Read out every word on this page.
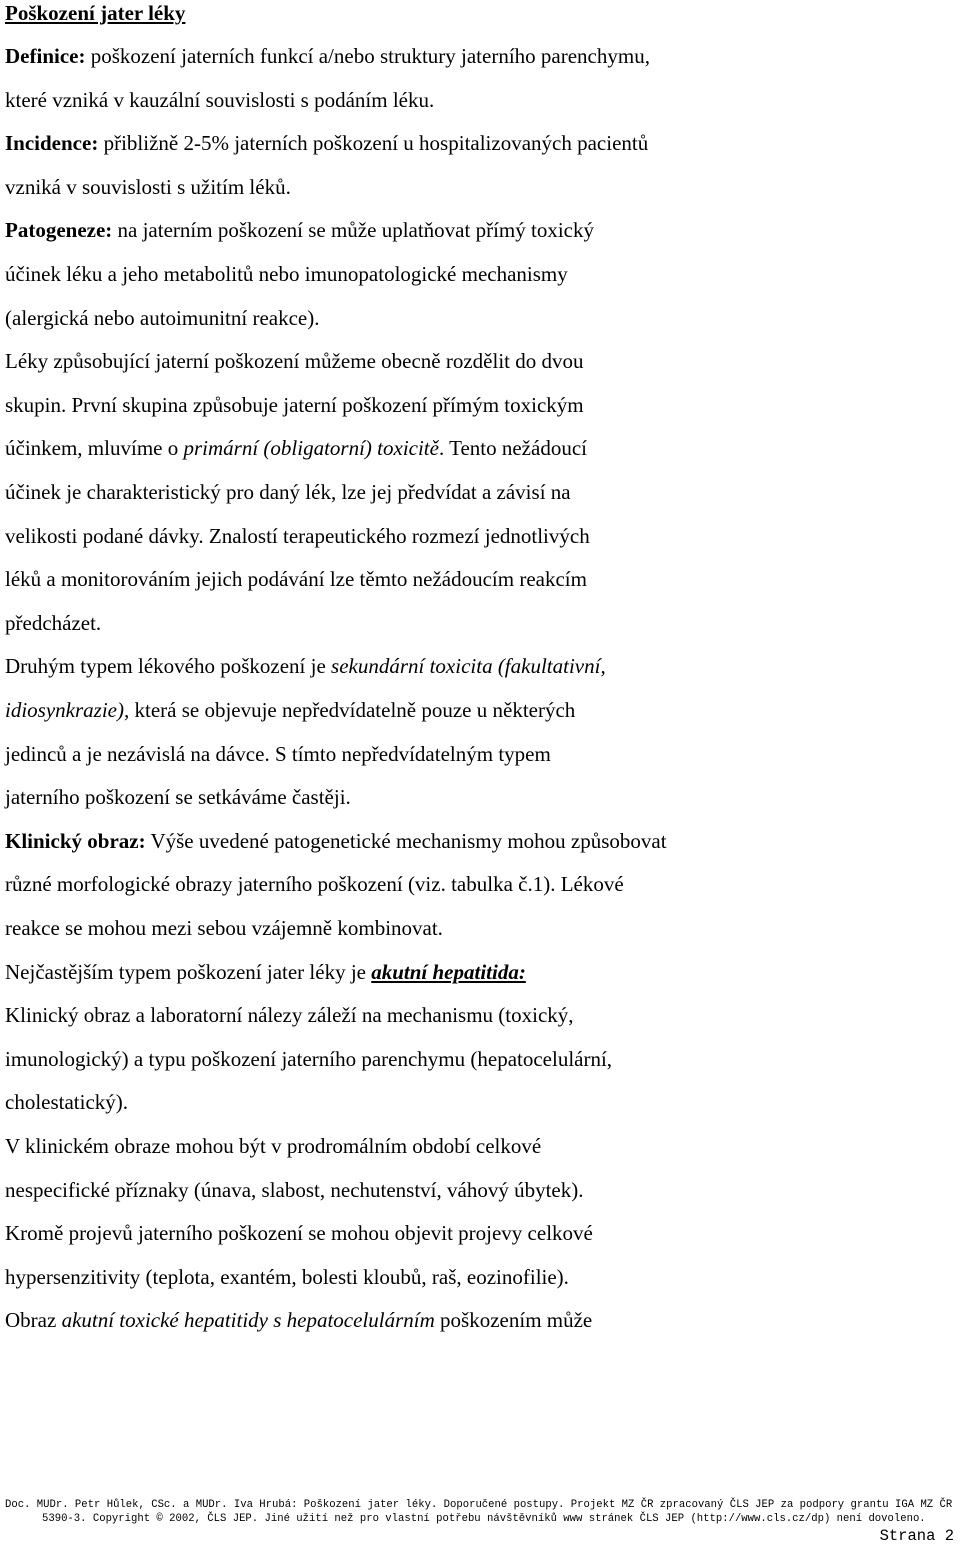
Poškození jater léky
Definice: poškození jaterních funkcí a/nebo struktury jaterního parenchymu,
které vzniká v kauzální souvislosti s podáním léku.
Incidence: přibližně 2-5% jaterních poškození u hospitalizovaných pacientů
vzniká v souvislosti s užitím léků.
Patogeneze: na jaterním poškození se může uplatňovat přímý toxický
účinek léku a jeho metabolitů nebo imunopatologické mechanismy
(alergická nebo autoimunitní reakce).
Léky způsobující jaterní poškození můžeme obecně rozdělit do dvou
skupin. První skupina způsobuje jaterní poškození přímým toxickým
účinkem, mluvíme o primární (obligatorní) toxicitě. Tento nežádoucí
účinek je charakteristický pro daný lék, lze jej předvídat a závisí na
velikosti podané dávky. Znalostí terapeutického rozmezí jednotlivých
léků a monitorováním jejich podávání lze těmto nežádoucím reakcím
předcházet.
Druhým typem lékového poškození je sekundární toxicita (fakultativní,
idiosynkrazie), která se objevuje nepředvídatelně pouze u některých
jedinců a je nezávislá na dávce. S tímto nepředvídatelným typem
jaterního poškození se setkáváme častěji.
Klinický obraz: Výše uvedené patogenetické mechanismy mohou způsobovat
různé morfologické obrazy jaterního poškození (viz. tabulka č.1). Lékové
reakce se mohou mezi sebou vzájemně kombinovat.
Nejčastějším typem poškození jater léky je akutní hepatitida:
Klinický obraz a laboratorní nálezy záleží na mechanismu (toxický,
imunologický) a typu poškození jaterního parenchymu (hepatocelulární,
cholestatický).
V klinickém obraze mohou být v prodromálním období celkové
nespecifické příznaky (únava, slabost, nechutenství, váhový úbytek).
Kromě projevů jaterního poškození se mohou objevit projevy celkové
hypersenzitivity (teplota, exantém, bolesti kloubů, raš, eozinofilie).
Obraz akutní toxické hepatitidy s hepatocelulárním poškozením může
Doc. MUDr. Petr Hůlek, CSc. a MUDr. Iva Hrubá: Poškození jater léky. Doporučené postupy. Projekt MZ ČR zpracovaný ČLS JEP za podpory grantu IGA MZ ČR
5390-3. Copyright © 2002, ČLS JEP. Jiné užití než pro vlastní potřebu návštěvníků www stránek ČLS JEP (http://www.cls.cz/dp) není dovoleno.
Strana 2
